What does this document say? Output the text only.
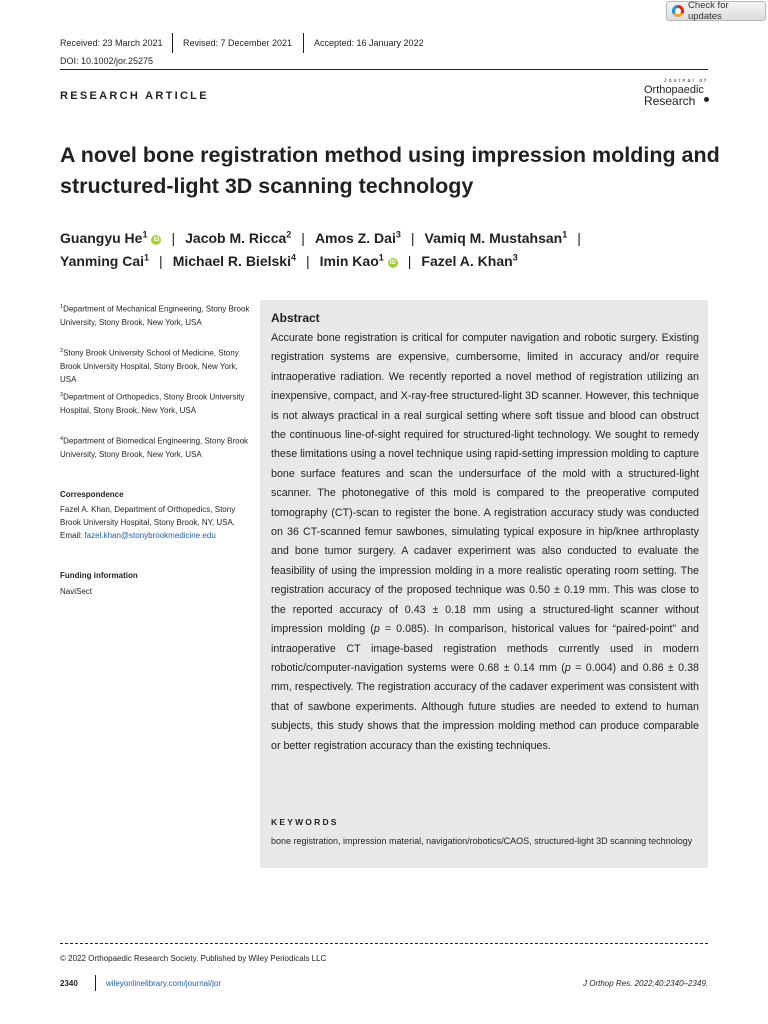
Check for updates
Received: 23 March 2021 Revised: 7 December 2021 Accepted: 16 January 2022
DOI: 10.1002/jor.25275
RESEARCH ARTICLE
Journal of
Orthopaedic
Research
A novel bone registration method using impression molding and structured-light 3D scanning technology
Guangyu He$^1$iD | Jacob M. Ricca$^2$ | Amos Z. Dai$^3$ | Vamiq M. Mustahsan$^1$ |
Yanming Cai$^1$ | Michael R. Bielski$^4$ | Imin Kao$^1$iD | Fazel A. Khan$^3$
$^1$Department of Mechanical Engineering, Stony Brook University, Stony Brook, New York, USA
$^2$Stony Brook University School of Medicine, Stony Brook University Hospital, Stony Brook, New York, USA
$^3$Department of Orthopedics, Stony Brook University Hospital, Stony Brook, New York, USA
$^4$Department of Biomedical Engineering, Stony Brook University, Stony Brook, New York, USA
Correspondence
Fazel A. Khan, Department of Orthopedics, Stony Brook University Hospital, Stony Brook, NY, USA.
Email: fazel.khan@stonybrookmedicine.edu
Funding information
NaviSect
Abstract
Accurate bone registration is critical for computer navigation and robotic surgery. Existing registration systems are expensive, cumbersome, limited in accuracy and/or require intraoperative radiation. We recently reported a novel method of registration utilizing an inexpensive, compact, and X-ray-free structured-light 3D scanner. However, this technique is not always practical in a real surgical setting where soft tissue and blood can obstruct the continuous line-of-sight required for structured-light technology. We sought to remedy these limitations using a novel technique using rapid-setting impression molding to capture bone surface features and scan the undersurface of the mold with a structured-light scanner. The photonegative of this mold is compared to the preoperative computed tomography (CT)-scan to register the bone. A registration accuracy study was conducted on 36 CT-scanned femur sawbones, simulating typical exposure in hip/knee arthroplasty and bone tumor surgery. A cadaver experiment was also conducted to evaluate the feasibility of using the impression molding in a more realistic operating room setting. The registration accuracy of the proposed technique was 0.50 ± 0.19 mm. This was close to the reported accuracy of 0.43 ± 0.18 mm using a structured-light scanner without impression molding (p = 0.085). In comparison, historical values for “paired-point” and intraoperative CT image-based registration methods currently used in modern robotic/computer-navigation systems were 0.68 ± 0.14 mm (p = 0.004) and 0.86 ± 0.38 mm, respectively. The registration accuracy of the cadaver experiment was consistent with that of sawbone experiments. Although future studies are needed to extend to human subjects, this study shows that the impression molding method can produce comparable or better registration accuracy than the existing techniques.
KEYWORDS
bone registration, impression material, navigation/robotics/CAOS, structured-light 3D scanning technology
© 2022 Orthopaedic Research Society. Published by Wiley Periodicals LLC
2340	wileyonlinelibrary.com/journal/jor	J Orthop Res. 2022;40:2340–2349.
